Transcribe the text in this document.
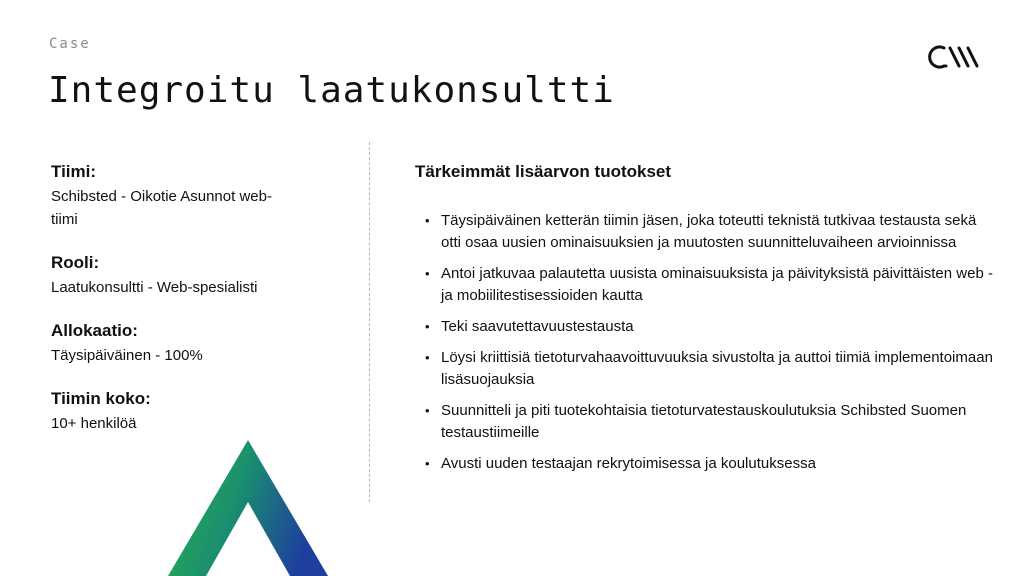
Case
Integroitu laatukonsultti
Tiimi:
Schibsted - Oikotie Asunnot web-tiimi
Rooli:
Laatukonsultti - Web-spesialisti
Allokaatio:
Täysipäiväinen - 100%
Tiimin koko:
10+ henkilöä
Tärkeimmät lisäarvon tuotokset
• Täysipäiväinen ketterän tiimin jäsen, joka toteutti teknistä tutkivaa testausta sekä otti osaa uusien ominaisuuksien ja muutosten suunnitteluvaiheen arvioinnissa
• Antoi jatkuvaa palautetta uusista ominaisuuksista ja päivityksistä päivittäisten web -ja mobiilitestisessioiden kautta
• Teki saavutettavuustestausta
• Löysi kriittisiä tietoturvahaavoittuvuuksia sivustolta ja auttoi tiimiä implementoimaan lisäsuojauksia
• Suunnitteli ja piti tuotekohtaisia tietoturvatestauskoulutuksia Schibsted Suomen testaustiimeille
• Avusti uuden testaajan rekrytoimisessa ja koulutuksessa
